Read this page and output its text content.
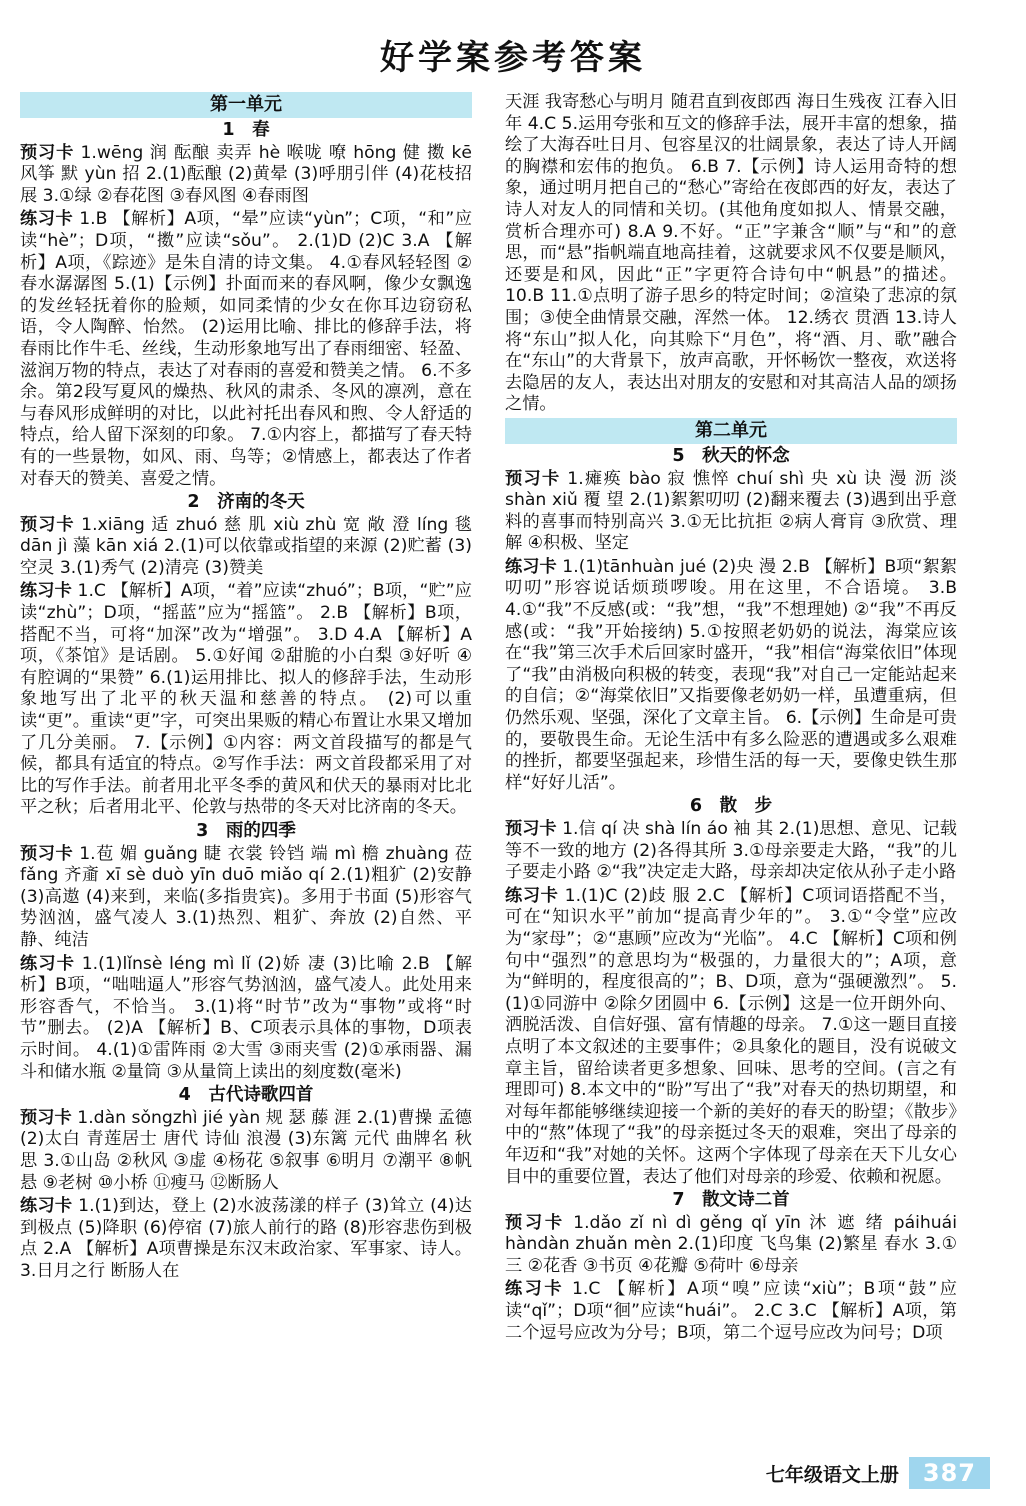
好学案参考答案
第一单元
1　春
预习卡 1.wēng 润 酝酿 卖弄 hè 喉咙 嘹 hōng 健 擞 kē 风筝 默 yùn 招 2.(1)酝酿 (2)黄晕 (3)呼朋引伴 (4)花枝招展 3.①绿 ②春花图 ③春风图 ④春雨图
练习卡 1.B 【解析】A项，“晕”应读“yùn”；C项，“和”应读“hè”；D项，“擞”应读“sǒu”。 2.(1)D (2)C 3.A 【解析】A项，《踪迹》是朱自清的诗文集。 4.①春风轻轻图 ②春水潺潺图 5.(1)【示例】扑面而来的春风啊，像少女飘逸的发丝轻抚着你的脸颊，如同柔情的少女在你耳边窃窃私语，令人陶醉、怡然。 (2)运用比喻、排比的修辞手法，将春雨比作牛毛、丝线，生动形象地写出了春雨细密、轻盈、滋润万物的特点，表达了对春雨的喜爱和赞美之情。 6.不多余。第2段写夏风的燥热、秋风的肃杀、冬风的凛冽，意在与春风形成鲜明的对比，以此衬托出春风和煦、令人舒适的特点，给人留下深刻的印象。 7.①内容上，都描写了春天特有的一些景物，如风、雨、鸟等；②情感上，都表达了作者对春天的赞美、喜爱之情。
2　济南的冬天
预习卡 1.xiāng 适 zhuó 慈 肌 xiù zhù 宽 敞 澄 líng 毯 dān jì 藻 kān xiá 2.(1)可以依靠或指望的来源 (2)贮蓄 (3)空灵 3.(1)秀气 (2)清亮 (3)赞美
练习卡 1.C 【解析】A项，“着”应读“zhuó”；B项，“贮”应读“zhù”；D项，“摇蓝”应为“摇篮”。 2.B 【解析】B项，搭配不当，可将“加深”改为“增强”。 3.D 4.A 【解析】A项，《茶馆》是话剧。 5.①好闻 ②甜脆的小白梨 ③好听 ④有腔调的“果赞” 6.(1)运用排比、拟人的修辞手法，生动形象地写出了北平的秋天温和慈善的特点。 (2)可以重读“更”。重读“更”字，可突出果贩的精心布置让水果又增加了几分美丽。 7.【示例】①内容：两文首段描写的都是气候，都具有适宜的特点。②写作手法：两文首段都采用了对比的写作手法。前者用北平冬季的黄风和伏天的暴雨对比北平之秋；后者用北平、伦敦与热带的冬天对比济南的冬天。
3　雨的四季
预习卡 1.苞 媚 guǎng 睫 衣裳 铃铛 端 mì 檐 zhuàng 莅 fǎng 齐齑 xī sè duò yīn duō miǎo qí 2.(1)粗犷 (2)安静 (3)高遨 (4)来到，来临(多指贵宾)。多用于书面 (5)形容气势汹汹，盛气凌人 3.(1)热烈、粗犷、奔放 (2)自然、平静、纯洁
练习卡 1.(1)lǐnsè léng mì lǐ (2)娇 凄 (3)比喻 2.B 【解析】B项，“咄咄逼人”形容气势汹汹，盛气凌人。此处用来形容香气，不恰当。 3.(1)将“时节”改为“事物”或将“时节”删去。 (2)A 【解析】B、C项表示具体的事物，D项表示时间。 4.(1)①雷阵雨 ②大雪 ③雨夹雪 (2)①承雨器、漏斗和储水瓶 ②量筒 ③从量筒上读出的刻度数(毫米)
4　古代诗歌四首
预习卡 1.dàn sǒngzhì jié yàn 规 瑟 藤 涯 2.(1)曹操 孟德 (2)太白 青莲居士 唐代 诗仙 浪漫 (3)东篱 元代 曲牌名 秋思 3.①山岛 ②秋风 ③虚 ④杨花 ⑤叙事 ⑥明月 ⑦潮平 ⑧帆悬 ⑨老树 ⑩小桥 ⑪瘦马 ⑫断肠人
练习卡 1.(1)到达，登上 (2)水波荡漾的样子 (3)耸立 (4)达到极点 (5)降职 (6)停宿 (7)旅人前行的路 (8)形容悲伤到极点 2.A 【解析】A项曹操是东汉末政治家、军事家、诗人。 3.日月之行 断肠人在
天涯 我寄愁心与明月 随君直到夜郎西 海日生残夜 江春入旧年 4.C 5.运用夸张和互文的修辞手法，展开丰富的想象，描绘了大海吞吐日月、包容星汉的壮阔景象，表达了诗人开阔的胸襟和宏伟的抱负。 6.B 7.【示例】诗人运用奇特的想象，通过明月把自己的“愁心”寄给在夜郎西的好友，表达了诗人对友人的同情和关切。(其他角度如拟人、情景交融，赏析合理亦可) 8.A 9.不好。“正”字兼含“顺”与“和”的意思，而“悬”指帆端直地高挂着，这就要求风不仅要是顺风，还要是和风，因此“正”字更符合诗句中“帆悬”的描述。 10.B 11.①点明了游子思乡的特定时间；②渲染了悲凉的氛围；③使全曲情景交融，浑然一体。 12.绣衣 贯酒 13.诗人将“东山”拟人化，向其赊下“月色”，将“酒、月、歌”融合在“东山”的大背景下，放声高歌，开怀畅饮一整夜，欢送将去隐居的友人，表达出对朋友的安慰和对其高洁人品的颂扬之情。
第二单元
5　秋天的怀念
预习卡 1.瘫痪 bào 寂 憔悴 chuí shì 央 xù 诀 漫 沥 淡 shàn xiǔ 覆 望 2.(1)絮絮叨叨 (2)翻来覆去 (3)遇到出乎意料的喜事而特别高兴 3.①无比抗拒 ②病人膏肓 ③欣赏、理解 ④积极、坚定
练习卡 1.(1)tānhuàn jué (2)央 漫 2.B 【解析】B项“絮絮叨叨”形容说话烦琐啰唆。用在这里，不合语境。 3.B 4.①“我”不反感(或：“我”想，“我”不想理她) ②“我”不再反感(或：“我”开始接纳) 5.①按照老奶奶的说法，海棠应该在“我”第三次手术后回家时盛开，“我”相信“海棠依旧”体现了“我”由消极向积极的转变，表现“我”对自己一定能站起来的自信；②“海棠依旧”又指要像老奶奶一样，虽遭重病，但仍然乐观、坚强，深化了文章主旨。 6.【示例】生命是可贵的，要敬畏生命。无论生活中有多么险恶的遭遇或多么艰难的挫折，都要坚强起来，珍惜生活的每一天，要像史铁生那样“好好儿活”。
6　散　步
预习卡 1.信 qí 决 shà lín áo 袖 其 2.(1)思想、意见、记载等不一致的地方 (2)各得其所 3.①母亲要走大路，“我”的儿子要走小路 ②“我”决定走大路，母亲却决定依从孙子走小路
练习卡 1.(1)C (2)歧 服 2.C 【解析】C项词语搭配不当，可在“知识水平”前加“提高青少年的”。 3.①“令堂”应改为“家母”；②“惠顾”应改为“光临”。 4.C 【解析】C项和例句中“强烈”的意思均为“极强的，力量很大的”；A项，意为“鲜明的，程度很高的”；B、D项，意为“强硬激烈”。 5.(1)①同游中 ②除夕团圆中 6.【示例】这是一位开朗外向、洒脱活泼、自信好强、富有情趣的母亲。 7.①这一题目直接点明了本文叙述的主要事件；②具象化的题目，没有说破文章主旨，留给读者更多想象、回味、思考的空间。(言之有理即可) 8.本文中的“盼”写出了“我”对春天的热切期望，和对每年都能够继续迎接一个新的美好的春天的盼望；《散步》中的“熬”体现了“我”的母亲挺过冬天的艰难，突出了母亲的年迈和“我”对她的关怀。这两个字体现了母亲在天下儿女心目中的重要位置，表达了他们对母亲的珍爱、依赖和祝愿。
7　散文诗二首
预习卡 1.dǎo zǐ nì dì gěng qǐ yīn 沐 遮 绪 páihuái hàndàn zhuǎn mèn 2.(1)印度 飞鸟集 (2)繁星 春水 3.①三 ②花香 ③书页 ④花瓣 ⑤荷叶 ⑥母亲
练习卡 1.C 【解析】A项“嗅”应读“xiù”；B项“鼓”应读“qǐ”；D项“徊”应读“huái”。 2.C 3.C 【解析】A项，第二个逗号应改为分号；B项，第二个逗号应改为问号；D项
七年级语文上册	387
